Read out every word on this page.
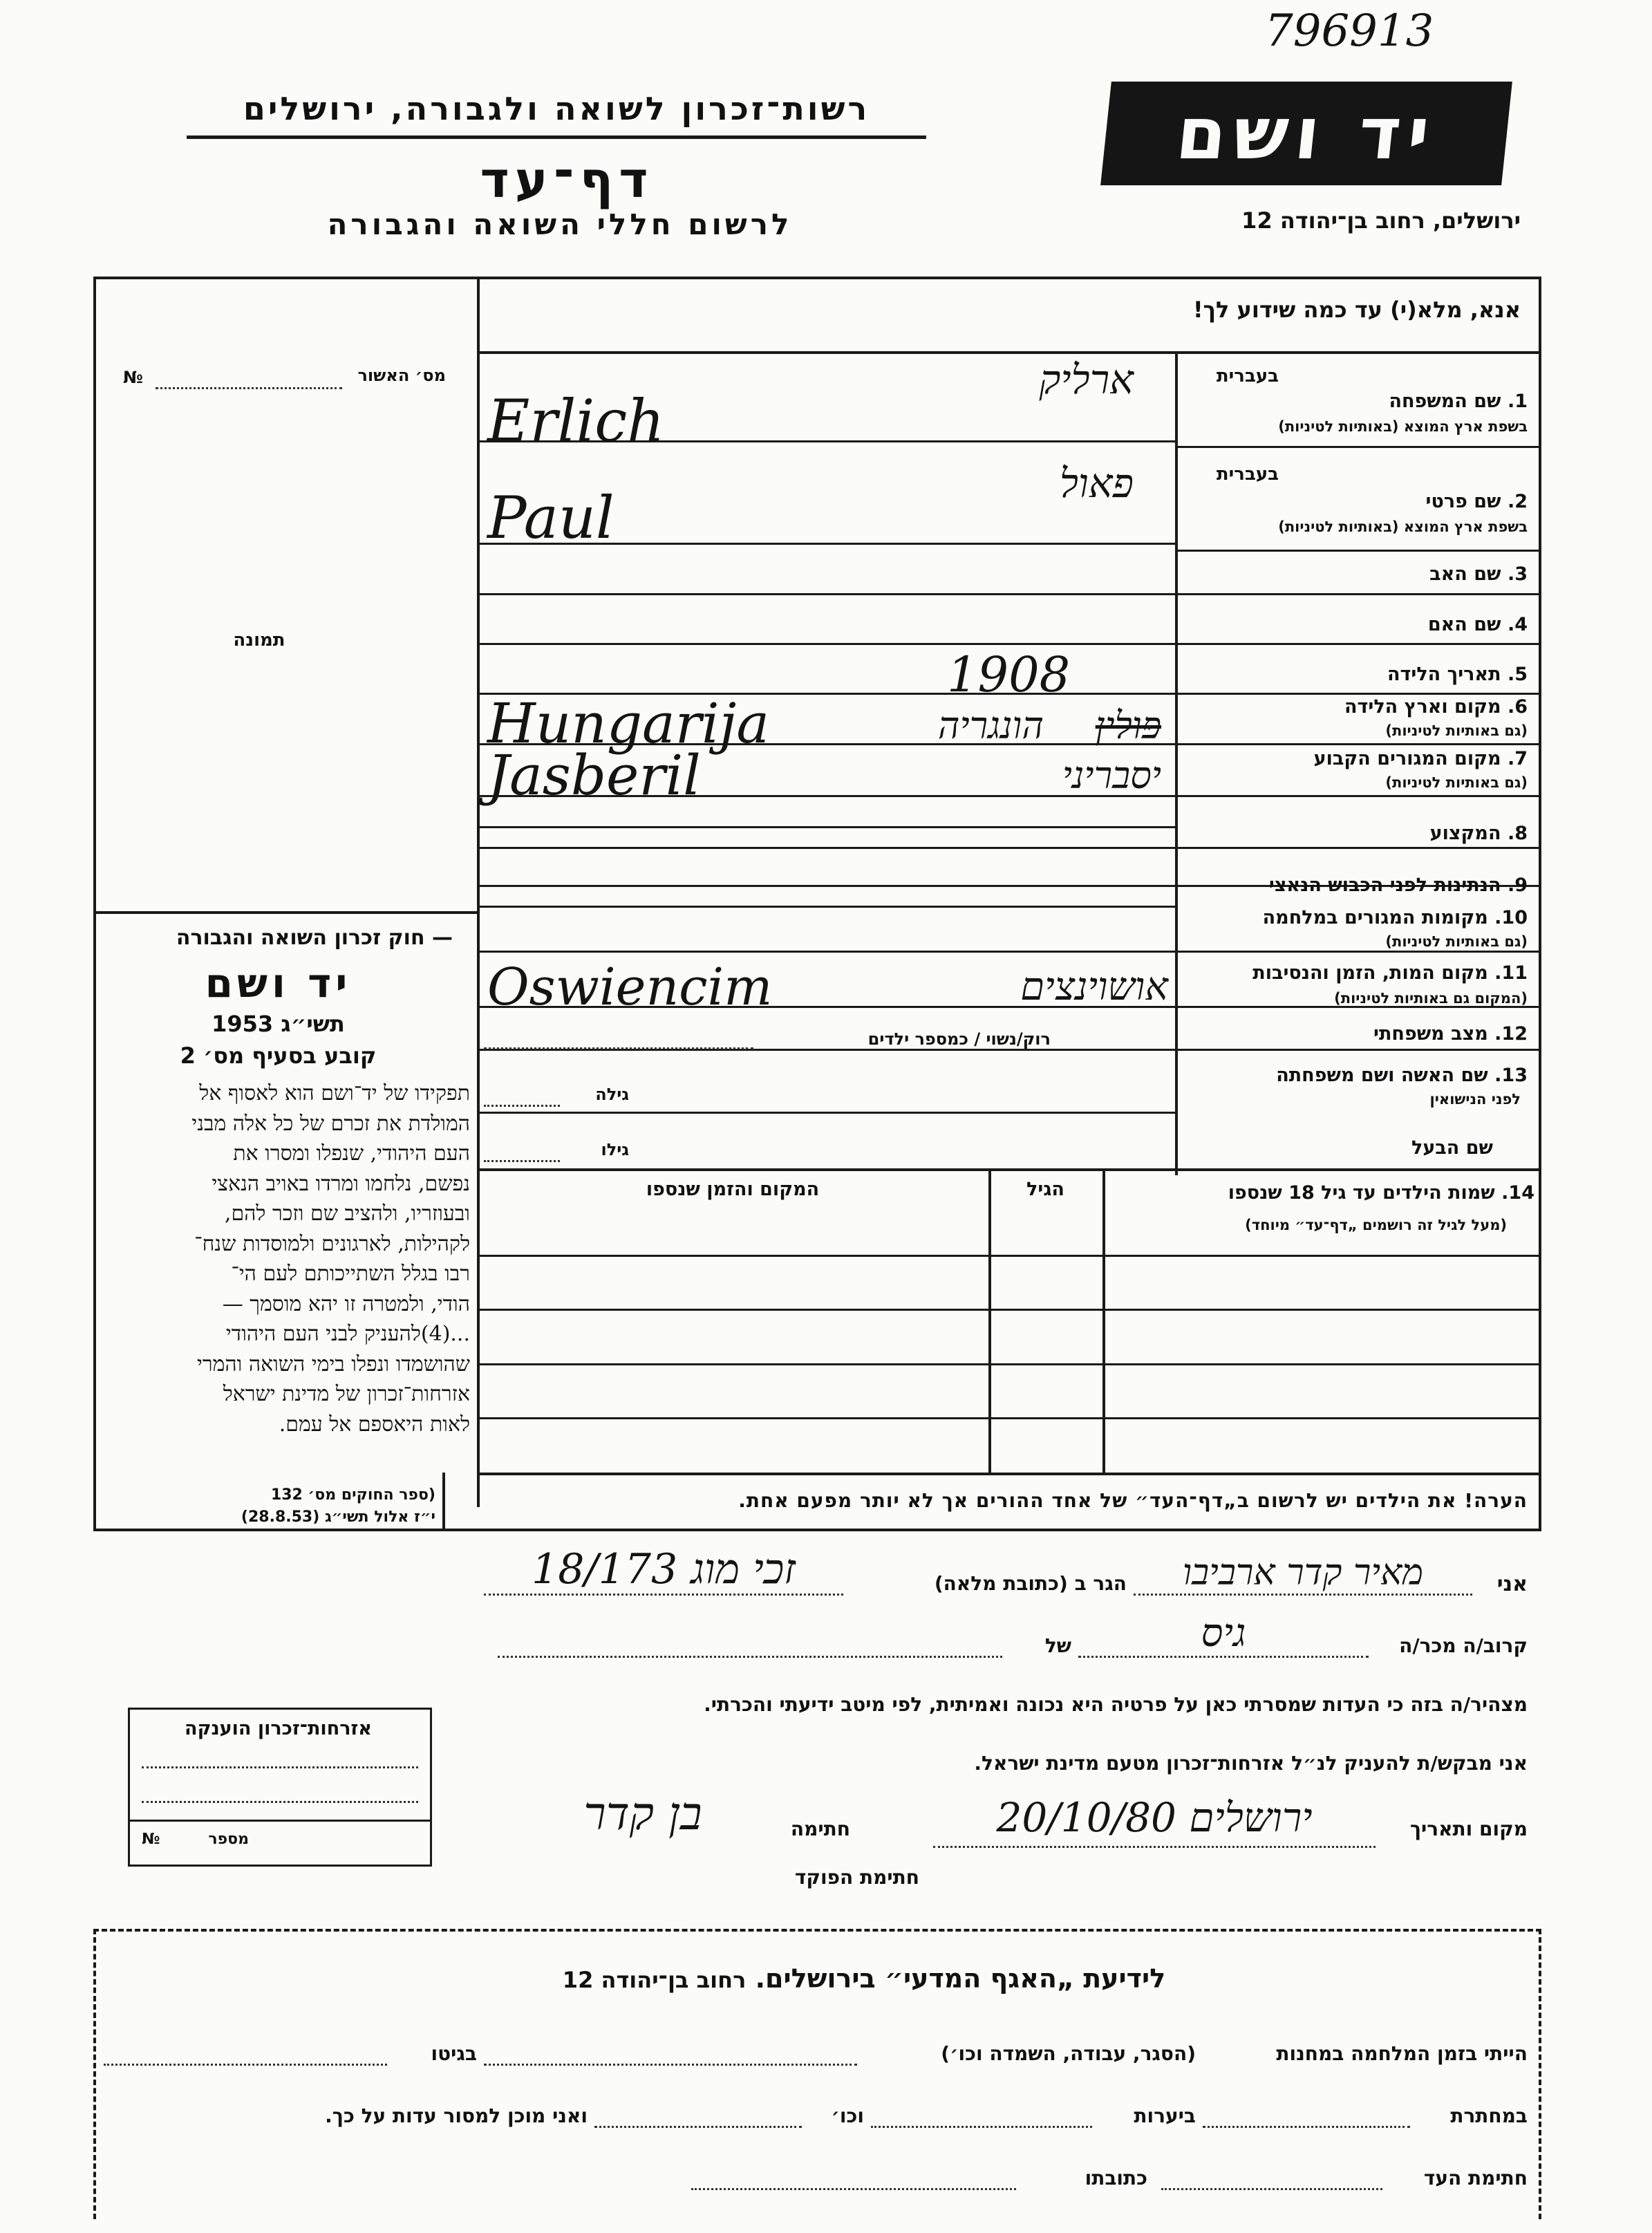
796913
רשות־זכרון לשואה ולגבורה, ירושלים
דף־עד
לרשום חללי השואה והגבורה
יד ושם
ירושלים, רחוב בן־יהודה 12
אנא, מלא(י) עד כמה שידוע לך!
מס׳ האשור
№
תמונה
— חוק זכרון השואה והגבורה
יד ושם
תשי״ג 1953
קובע בסעיף מס׳ 2
תפקידו של יד־ושם הוא לאסוף אל
המולדת את זכרם של כל אלה מבני
העם היהודי, שנפלו ומסרו את
נפשם, נלחמו ומרדו באויב הנאצי
ובעוזריו, ולהציב שם וזכר להם,
לקהילות, לארגונים ולמוסדות שנח־
רבו בגלל השתייכותם לעם הי־
הודי, ולמטרה זו יהא מוסמך —
...(4)להעניק לבני העם היהודי
שהושמדו ונפלו בימי השואה והמרי
אזרחות־זכרון של מדינת ישראל
לאות היאספם אל עמם.
(ספר החוקים מס׳ 132
י״ז אלול תשי״ג (28.8.53)
אזרחות־זכרון הוענקה
מספר
№
בעברית
1. שם המשפחה
בשפת ארץ המוצא (באותיות לטיניות)
ארליק
Erlich
בעברית
2. שם פרטי
בשפת ארץ המוצא (באותיות לטיניות)
פאול
Paul
3. שם האב
4. שם האם
5. תאריך הלידה
1908
6. מקום וארץ הלידה
(גם באותיות לטיניות)
פולין
הונגריה
Hungarija
7. מקום המגורים הקבוע
(גם באותיות לטיניות)
יסבריני
Jasberil
8. המקצוע
9. הנתינות לפני הכבוש הנאצי
10. מקומות המגורים במלחמה
(גם באותיות לטיניות)
11. מקום המות, הזמן והנסיבות
(המקום גם באותיות לטיניות)
אושוינצים
Oswiencim
12. מצב משפחתי
רוק/נשוי / כמספר ילדים
13. שם האשה ושם משפחתה
לפני הנישואין
גילה
שם הבעל
גילו
14. שמות הילדים עד גיל 18 שנספו
(מעל לגיל זה רושמים „דף־עד״ מיוחד)
הגיל
המקום והזמן שנספו
הערה! את הילדים יש לרשום ב„דף־העד״ של אחד ההורים אך לא יותר מפעם אחת.
אני
מאיר קדר ארביבו
הגר ב (כתובת מלאה)
זכי מוג 18/173
קרוב/ה מכר/ה
גיס
של
מצהיר/ה בזה כי העדות שמסרתי כאן על פרטיה היא נכונה ואמיתית, לפי מיטב ידיעתי והכרתי.
אני מבקש/ת להעניק לנ״ל אזרחות־זכרון מטעם מדינת ישראל.
מקום ותאריך
ירושלים 20/10/80
חתימה
בן קדר
חתימת הפוקד
לידיעת „האגף המדעי״ בירושלים. רחוב בן־יהודה 12
הייתי בזמן המלחמה במחנות
(הסגר, עבודה, השמדה וכו׳)
בגיטו
במחתרת
ביערות
וכו׳
ואני מוכן למסור עדות על כך.
חתימת העד
כתובתו
